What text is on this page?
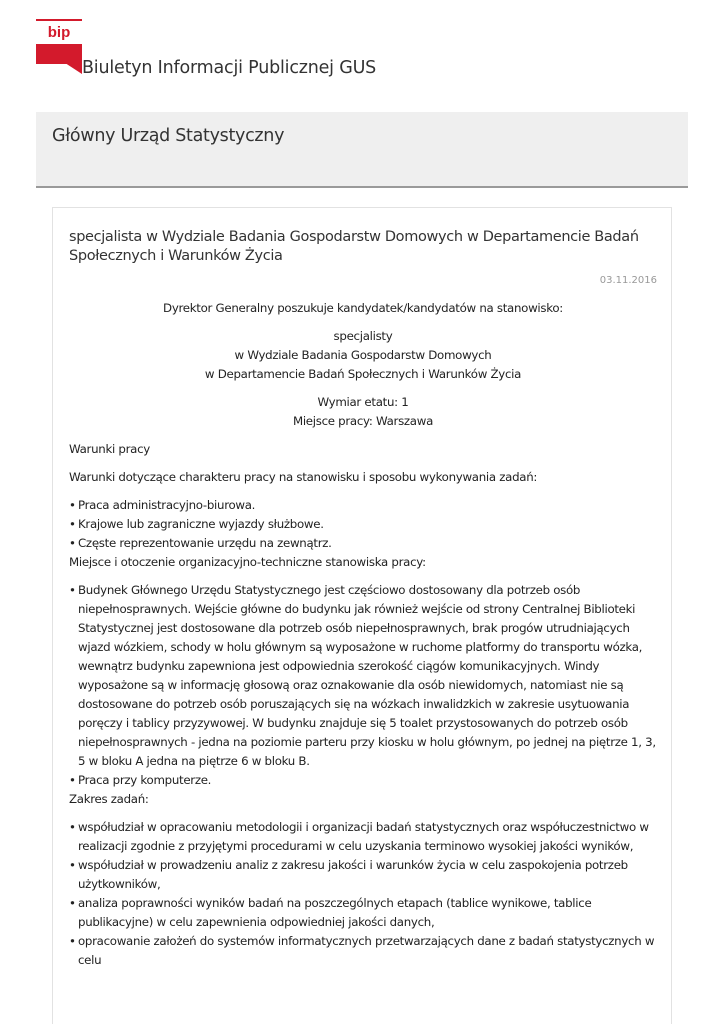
bip
Biuletyn Informacji Publicznej GUS
Główny Urząd Statystyczny
specjalista w Wydziale Badania Gospodarstw Domowych w Departamencie Badań Społecznych i Warunków Życia
03.11.2016

Dyrektor Generalny poszukuje kandydatek/kandydatów na stanowisko:

specjalisty

w Wydziale Badania Gospodarstw Domowych

w Departamencie Badań Społecznych i Warunków Życia

Wymiar etatu: 1

Miejsce pracy: Warszawa

Warunki pracy

Warunki dotyczące charakteru pracy na stanowisku i sposobu wykonywania zadań:

• Praca administracyjno-biurowa.
• Krajowe lub zagraniczne wyjazdy służbowe.
• Częste reprezentowanie urzędu na zewnątrz.

Miejsce i otoczenie organizacyjno-techniczne stanowiska pracy:

• Budynek Głównego Urzędu Statystycznego jest częściowo dostosowany dla potrzeb osób niepełnosprawnych. Wejście główne do budynku jak również wejście od strony Centralnej Biblioteki Statystycznej jest dostosowane dla potrzeb osób niepełnosprawnych, brak progów utrudniających wjazd wózkiem, schody w holu głównym są wyposażone w ruchome platformy do transportu wózka, wewnątrz budynku zapewniona jest odpowiednia szerokość ciągów komunikacyjnych. Windy wyposażone są w informację głosową oraz oznakowanie dla osób niewidomych, natomiast nie są dostosowane do potrzeb osób poruszających się na wózkach inwalidzkich w zakresie usytuowania poręczy i tablicy przyzywowej. W budynku znajduje się 5 toalet przystosowanych do potrzeb osób niepełnosprawnych - jedna na poziomie parteru przy kiosku w holu głównym, po jednej na piętrze 1, 3, 5 w bloku A jedna na piętrze 6 w bloku B.
• Praca przy komputerze.

Zakres zadań:

• współudział w opracowaniu metodologii i organizacji badań statystycznych oraz współuczestnictwo w realizacji zgodnie z przyjętymi procedurami w celu uzyskania terminowo wysokiej jakości wyników,
• współudział w prowadzeniu analiz z zakresu jakości i warunków życia w celu zaspokojenia potrzeb użytkowników,
• analiza poprawności wyników badań na poszczególnych etapach (tablice wynikowe, tablice publikacyjne) w celu zapewnienia odpowiedniej jakości danych,
• opracowanie założeń do systemów informatycznych przetwarzających dane z badań statystycznych w celu
